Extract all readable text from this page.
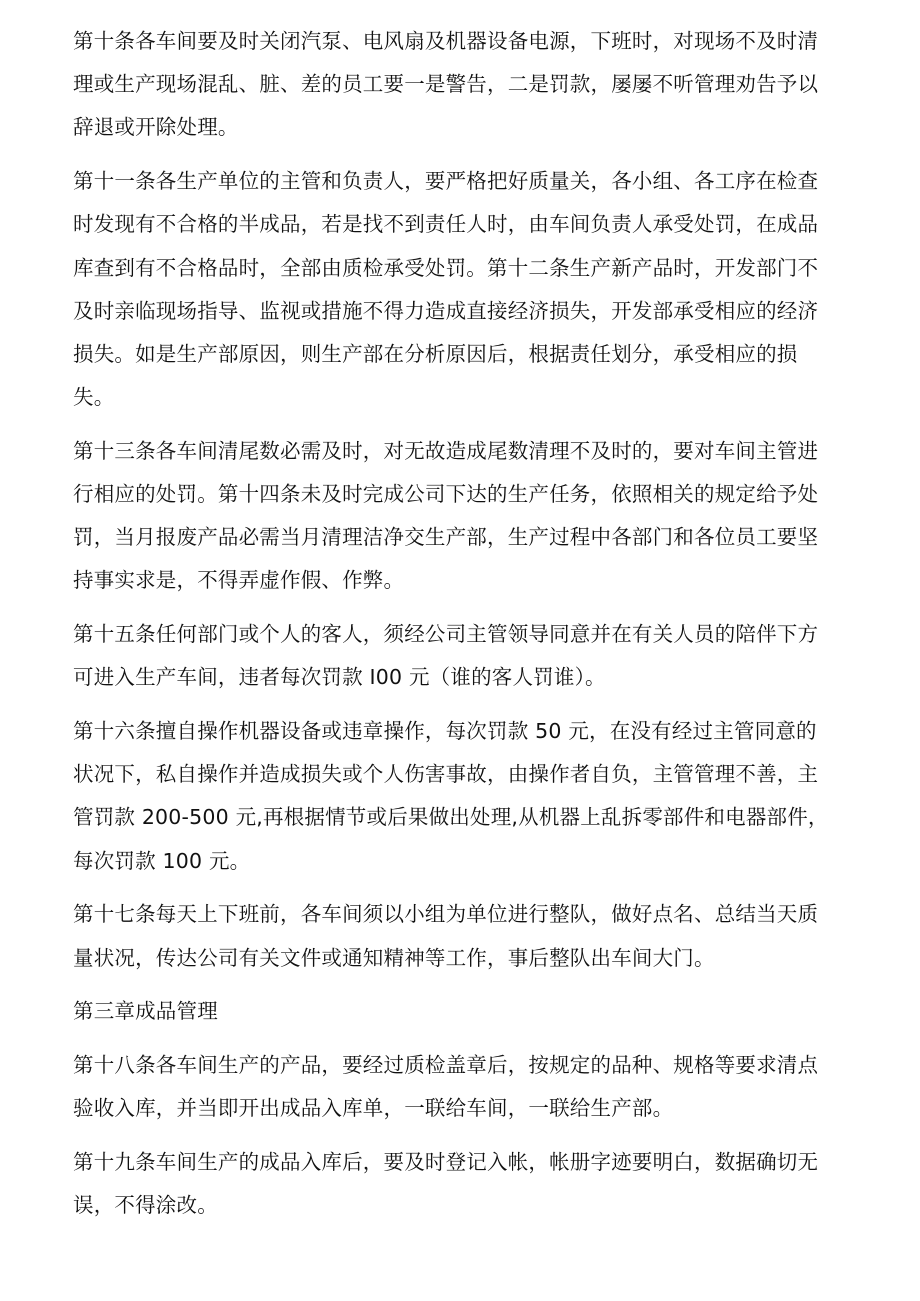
第十条各车间要及时关闭汽泵、电风扇及机器设备电源，下班时，对现场不及时清
理或生产现场混乱、脏、差的员工要一是警告，二是罚款，屡屡不听管理劝告予以
辞退或开除处理。

第十一条各生产单位的主管和负责人，要严格把好质量关，各小组、各工序在检查
时发现有不合格的半成品，若是找不到责任人时，由车间负责人承受处罚，在成品
库查到有不合格品时，全部由质检承受处罚。第十二条生产新产品时，开发部门不
及时亲临现场指导、监视或措施不得力造成直接经济损失，开发部承受相应的经济
损失。如是生产部原因，则生产部在分析原因后，根据责任划分，承受相应的损
失。

第十三条各车间清尾数必需及时，对无故造成尾数清理不及时的，要对车间主管进
行相应的处罚。第十四条未及时完成公司下达的生产任务，依照相关的规定给予处
罚，当月报废产品必需当月清理洁净交生产部，生产过程中各部门和各位员工要坚
持事实求是，不得弄虚作假、作弊。

第十五条任何部门或个人的客人，须经公司主管领导同意并在有关人员的陪伴下方
可进入生产车间，违者每次罚款 I00 元（谁的客人罚谁）。

第十六条擅自操作机器设备或违章操作，每次罚款 50 元，在没有经过主管同意的
状况下，私自操作并造成损失或个人伤害事故，由操作者自负，主管管理不善，主
管罚款 200-500 元,再根据情节或后果做出处理,从机器上乱拆零部件和电器部件，
每次罚款 100 元。

第十七条每天上下班前，各车间须以小组为单位进行整队，做好点名、总结当天质
量状况，传达公司有关文件或通知精神等工作，事后整队出车间大门。

第三章成品管理

第十八条各车间生产的产品，要经过质检盖章后，按规定的品种、规格等要求清点
验收入库，并当即开出成品入库单，一联给车间，一联给生产部。

第十九条车间生产的成品入库后，要及时登记入帐，帐册字迹要明白，数据确切无
误，不得涂改。
